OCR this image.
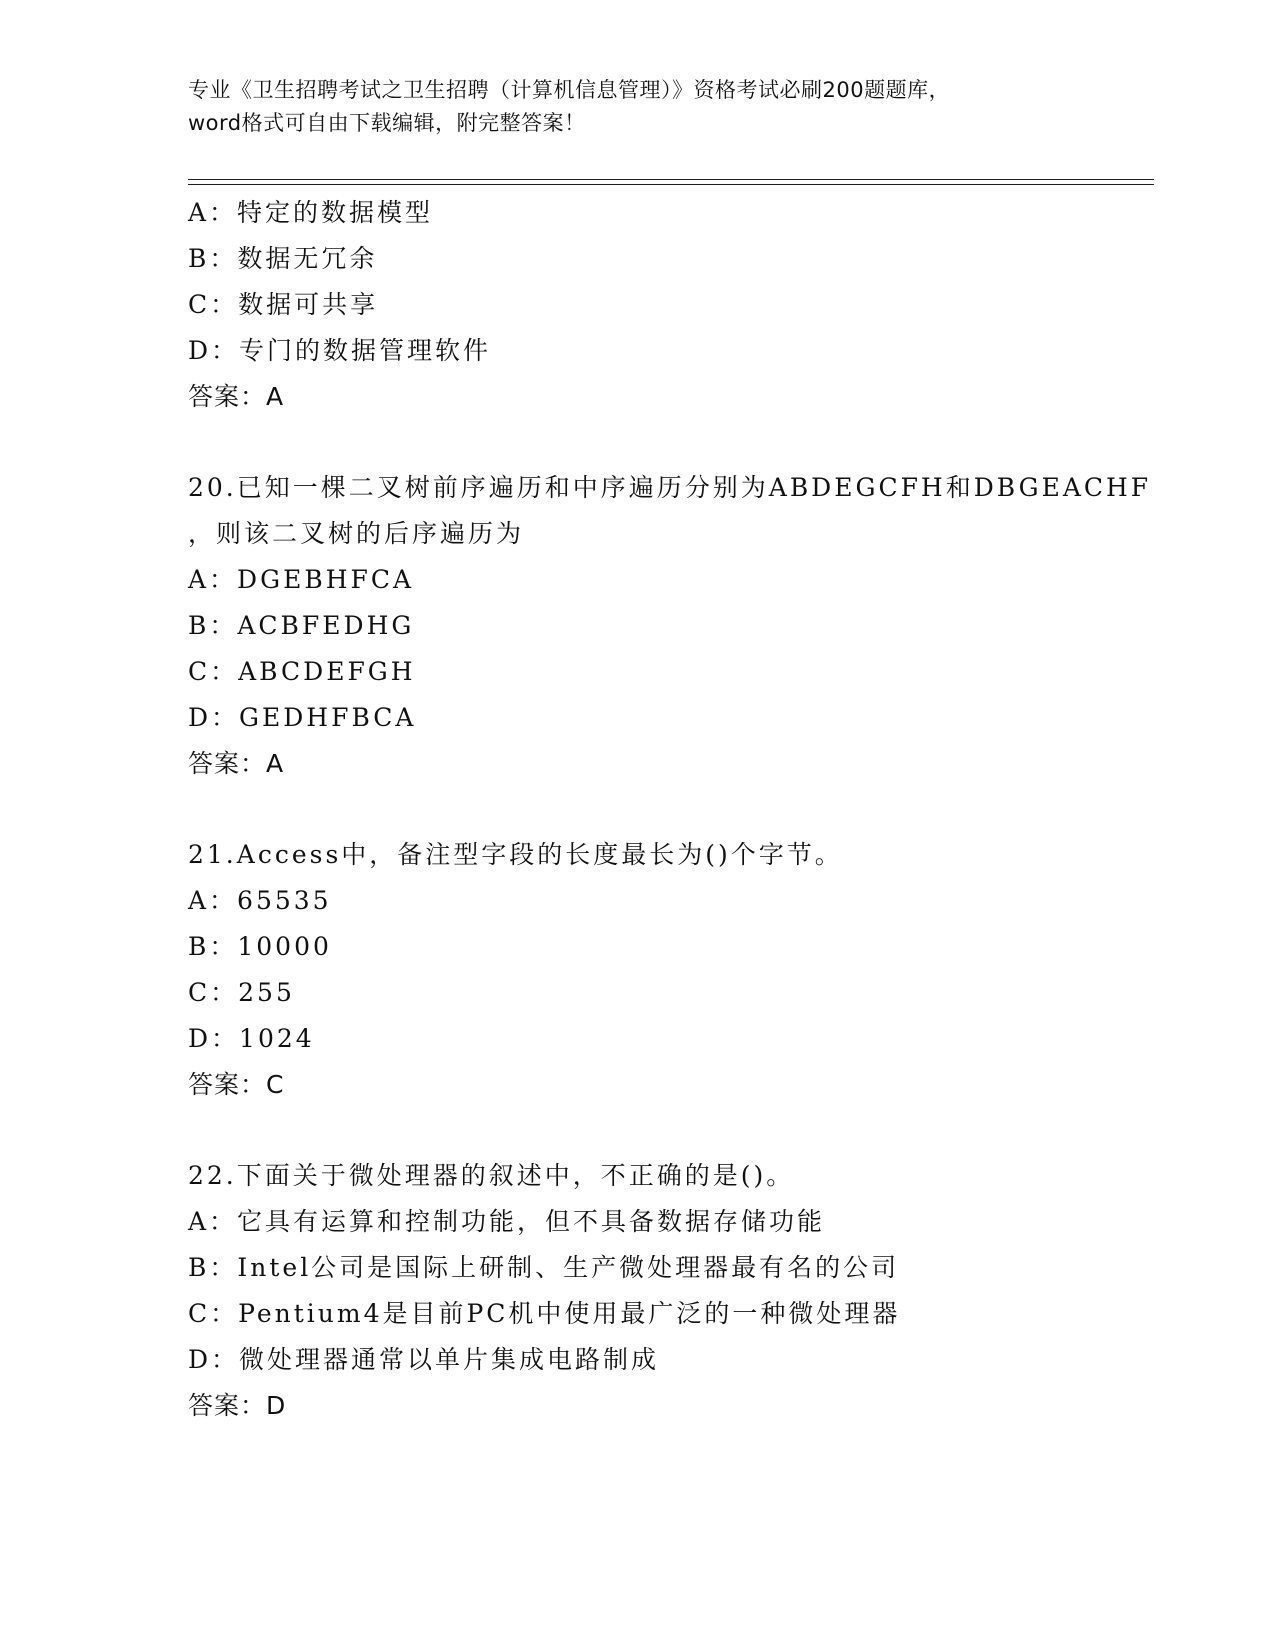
专业《卫生招聘考试之卫生招聘（计算机信息管理）》资格考试必刷200题题库，
word格式可自由下载编辑，附完整答案！
A：特定的数据模型
B：数据无冗余
C：数据可共享
D：专门的数据管理软件
答案：A
20.已知一棵二叉树前序遍历和中序遍历分别为ABDEGCFH和DBGEACHF
，则该二叉树的后序遍历为
A：DGEBHFCA
B：ACBFEDHG
C：ABCDEFGH
D：GEDHFBCA
答案：A
21.Access中，备注型字段的长度最长为()个字节。
A：65535
B：10000
C：255
D：1024
答案：C
22.下面关于微处理器的叙述中，不正确的是()。
A：它具有运算和控制功能，但不具备数据存储功能
B：Intel公司是国际上研制、生产微处理器最有名的公司
C：Pentium4是目前PC机中使用最广泛的一种微处理器
D：微处理器通常以单片集成电路制成
答案：D
